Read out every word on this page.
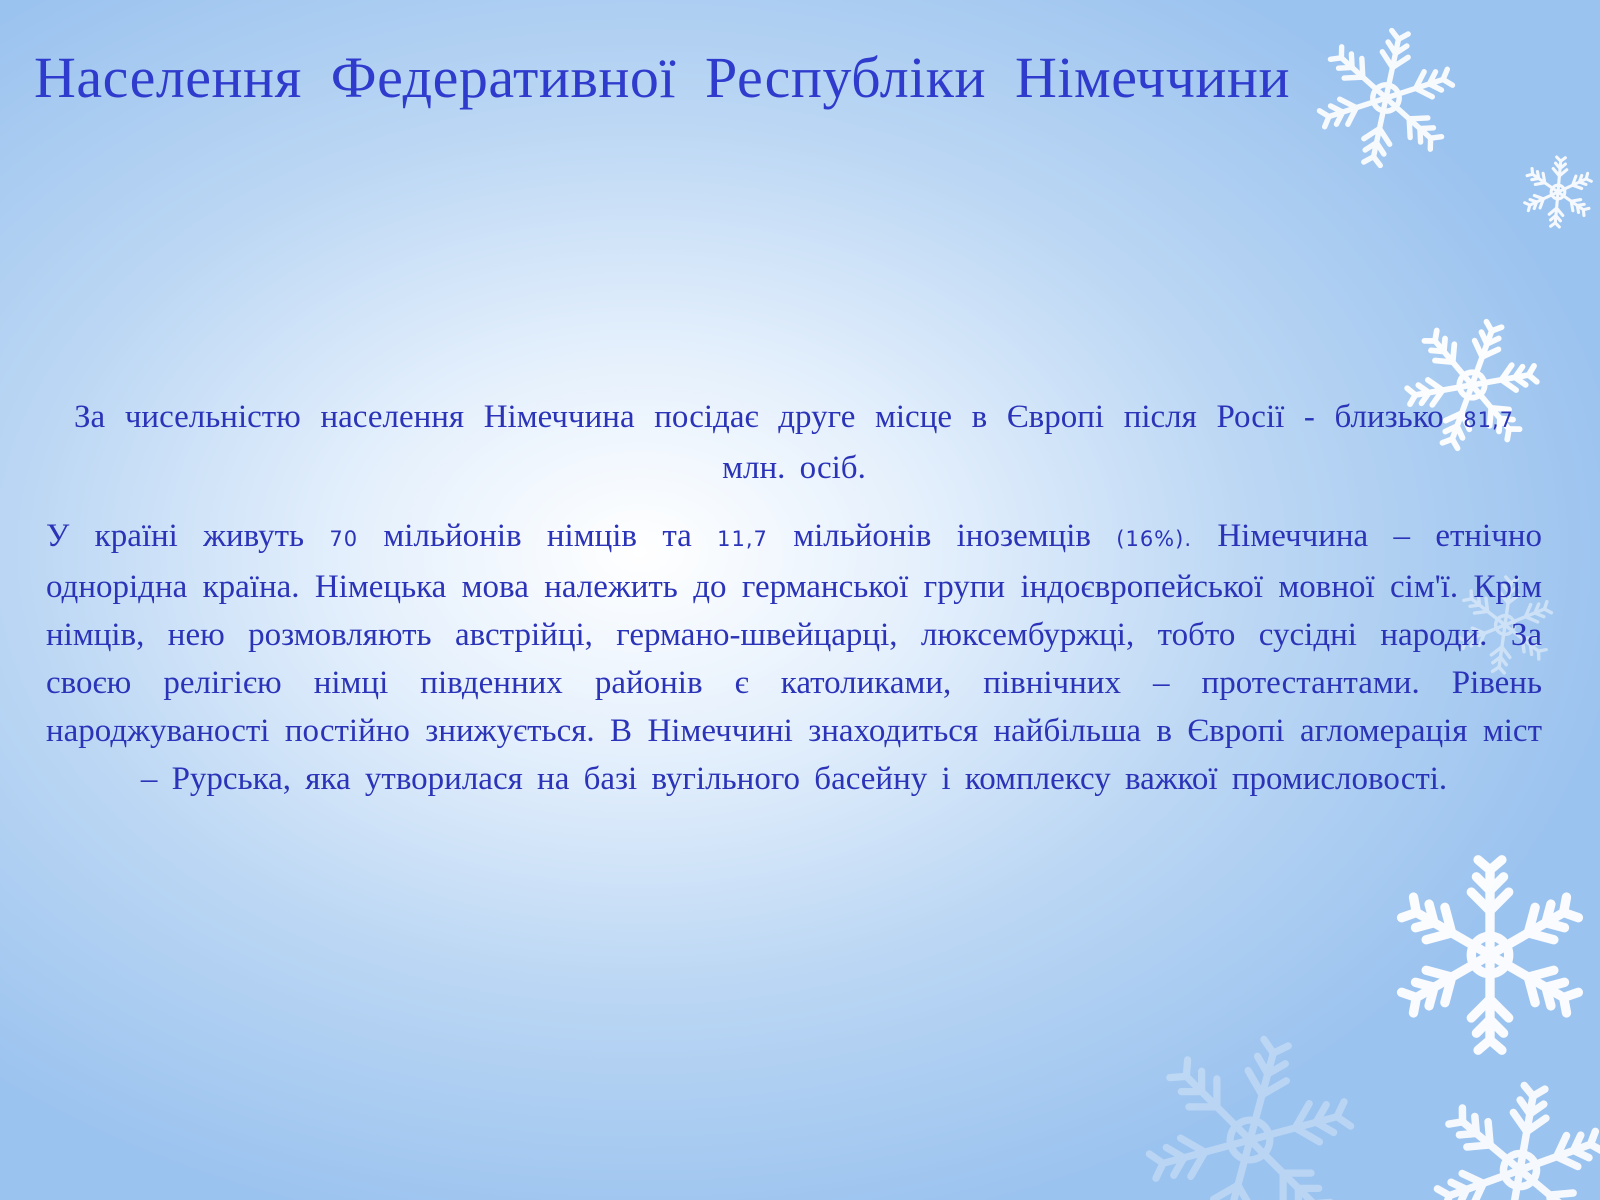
Населення Федеративної Республіки Німеччини

За чисельністю населення Німеччина посідає друге місце в Європі після Росії - близько 81,7 млн. осіб.

У країні живуть 70 мільйонів німців та 11,7 мільйонів іноземців (16%). Німеччина – етнічно однорідна країна. Німецька мова належить до германської групи індоєвропейської мовної сім'ї. Крім німців, нею розмовляють австрійці, германо-швейцарці, люксембуржці, тобто сусідні народи. За своєю релігією німці південних районів є католиками, північних – протестантами. Рівень народжуваності постійно знижується. В Німеччині знаходиться найбільша в Європі агломерація міст – Рурська, яка утворилася на базі вугільного басейну і комплексу важкої промисловості.
